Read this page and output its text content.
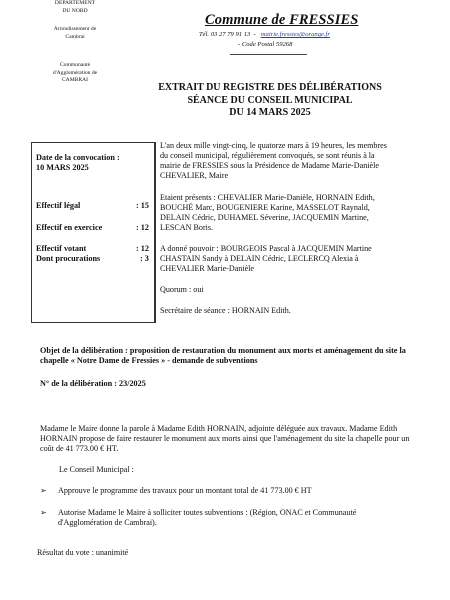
DEPARTEMENT
DU NORD
Arrondissement de
Cambrai
Communauté
d'Agglomération de
CAMBRAI
Commune de FRESSIES
Tél. 03 27 79 91 13  -   mairie.fressies@orange.fr
- Code Postal 59268
EXTRAIT DU REGISTRE DES DÉLIBÉRATIONS
SÉANCE DU CONSEIL MUNICIPAL
DU 14 MARS 2025
Date de la convocation :
10 MARS 2025
Effectif légal	: 15
Effectif en exercice	: 12
Effectif votant	: 12
Dont procurations	: 3
L'an deux mille vingt-cinq, le quatorze mars à 19 heures, les membres du conseil municipal, régulièrement convoqués, se sont réunis à la mairie de FRESSIES sous la Présidence de Madame Marie-Danièle CHEVALIER, Maire
Etaient présents : CHEVALIER Marie-Danièle, HORNAIN Edith, BOUCHÉ Marc, BOUGENIERE Karine, MASSELOT Raynald, DELAIN Cédric, DUHAMEL Séverine, JACQUEMIN Martine, LESCAN Boris.
A donné pouvoir : BOURGEOIS Pascal à JACQUEMIN Martine CHASTAIN Sandy à DELAIN Cédric, LECLERCQ Alexia à CHEVALIER Marie-Danièle
Quorum : oui
Secrétaire de séance : HORNAIN Edith.
Objet de la délibération : proposition de restauration du monument aux morts et aménagement du site la chapelle « Notre Dame de Fressies » - demande de subventions
N° de la délibération : 23/2025
Madame le Maire donne la parole à Madame Edith HORNAIN, adjointe déléguée aux travaux. Madame Edith HORNAIN propose de faire restaurer le monument aux morts ainsi que l'aménagement du site la chapelle pour un coût de 41 773.00 € HT.
Le Conseil Municipal :
➢ Approuve le programme des travaux pour un montant total de 41 773.00 € HT
➢	Autorise Madame le Maire à solliciter toutes subventions : (Région, ONAC et Communauté d'Agglomération de Cambrai).
Résultat du vote : unanimité
